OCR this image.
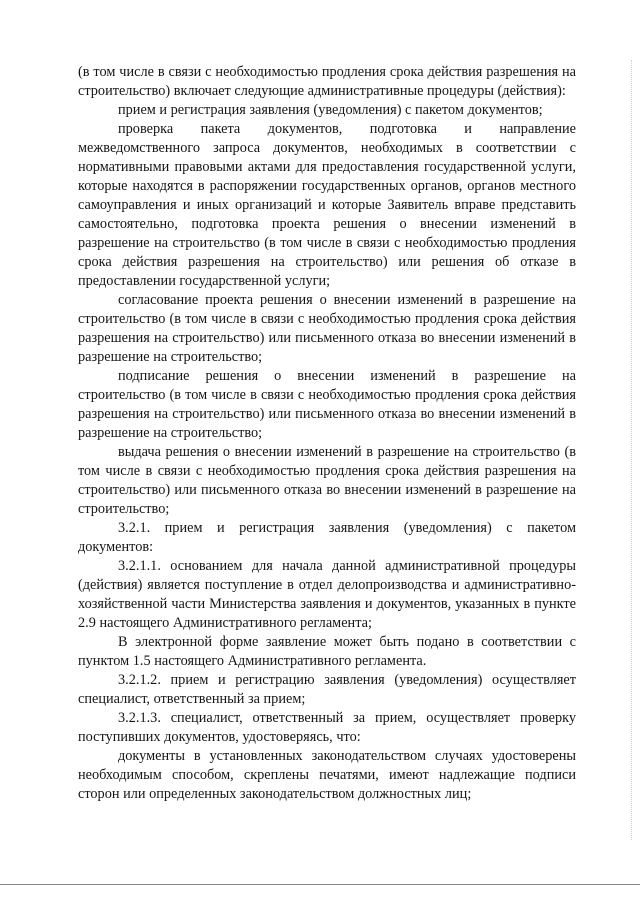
(в том числе в связи с необходимостью продления срока действия разрешения на строительство) включает следующие административные процедуры (действия):

прием и регистрация заявления (уведомления) с пакетом документов;

проверка пакета документов, подготовка и направление межведомственного запроса документов, необходимых в соответствии с нормативными правовыми актами для предоставления государственной услуги, которые находятся в распоряжении государственных органов, органов местного самоуправления и иных организаций и которые Заявитель вправе представить самостоятельно, подготовка проекта решения о внесении изменений в разрешение на строительство (в том числе в связи с необходимостью продления срока действия разрешения на строительство) или решения об отказе в предоставлении государственной услуги;

согласование проекта решения о внесении изменений в разрешение на строительство (в том числе в связи с необходимостью продления срока действия разрешения на строительство) или письменного отказа во внесении изменений в разрешение на строительство;

подписание решения о внесении изменений в разрешение на строительство (в том числе в связи с необходимостью продления срока действия разрешения на строительство) или письменного отказа во внесении изменений в разрешение на строительство;

выдача решения о внесении изменений в разрешение на строительство (в том числе в связи с необходимостью продления срока действия разрешения на строительство) или письменного отказа во внесении изменений в разрешение на строительство;

3.2.1. прием и регистрация заявления (уведомления) с пакетом документов:

3.2.1.1. основанием для начала данной административной процедуры (действия) является поступление в отдел делопроизводства и административно-хозяйственной части Министерства заявления и документов, указанных в пункте 2.9 настоящего Административного регламента;

В электронной форме заявление может быть подано в соответствии с пунктом 1.5 настоящего Административного регламента.

3.2.1.2. прием и регистрацию заявления (уведомления) осуществляет специалист, ответственный за прием;

3.2.1.3. специалист, ответственный за прием, осуществляет проверку поступивших документов, удостоверяясь, что:

документы в установленных законодательством случаях удостоверены необходимым способом, скреплены печатями, имеют надлежащие подписи сторон или определенных законодательством должностных лиц;
